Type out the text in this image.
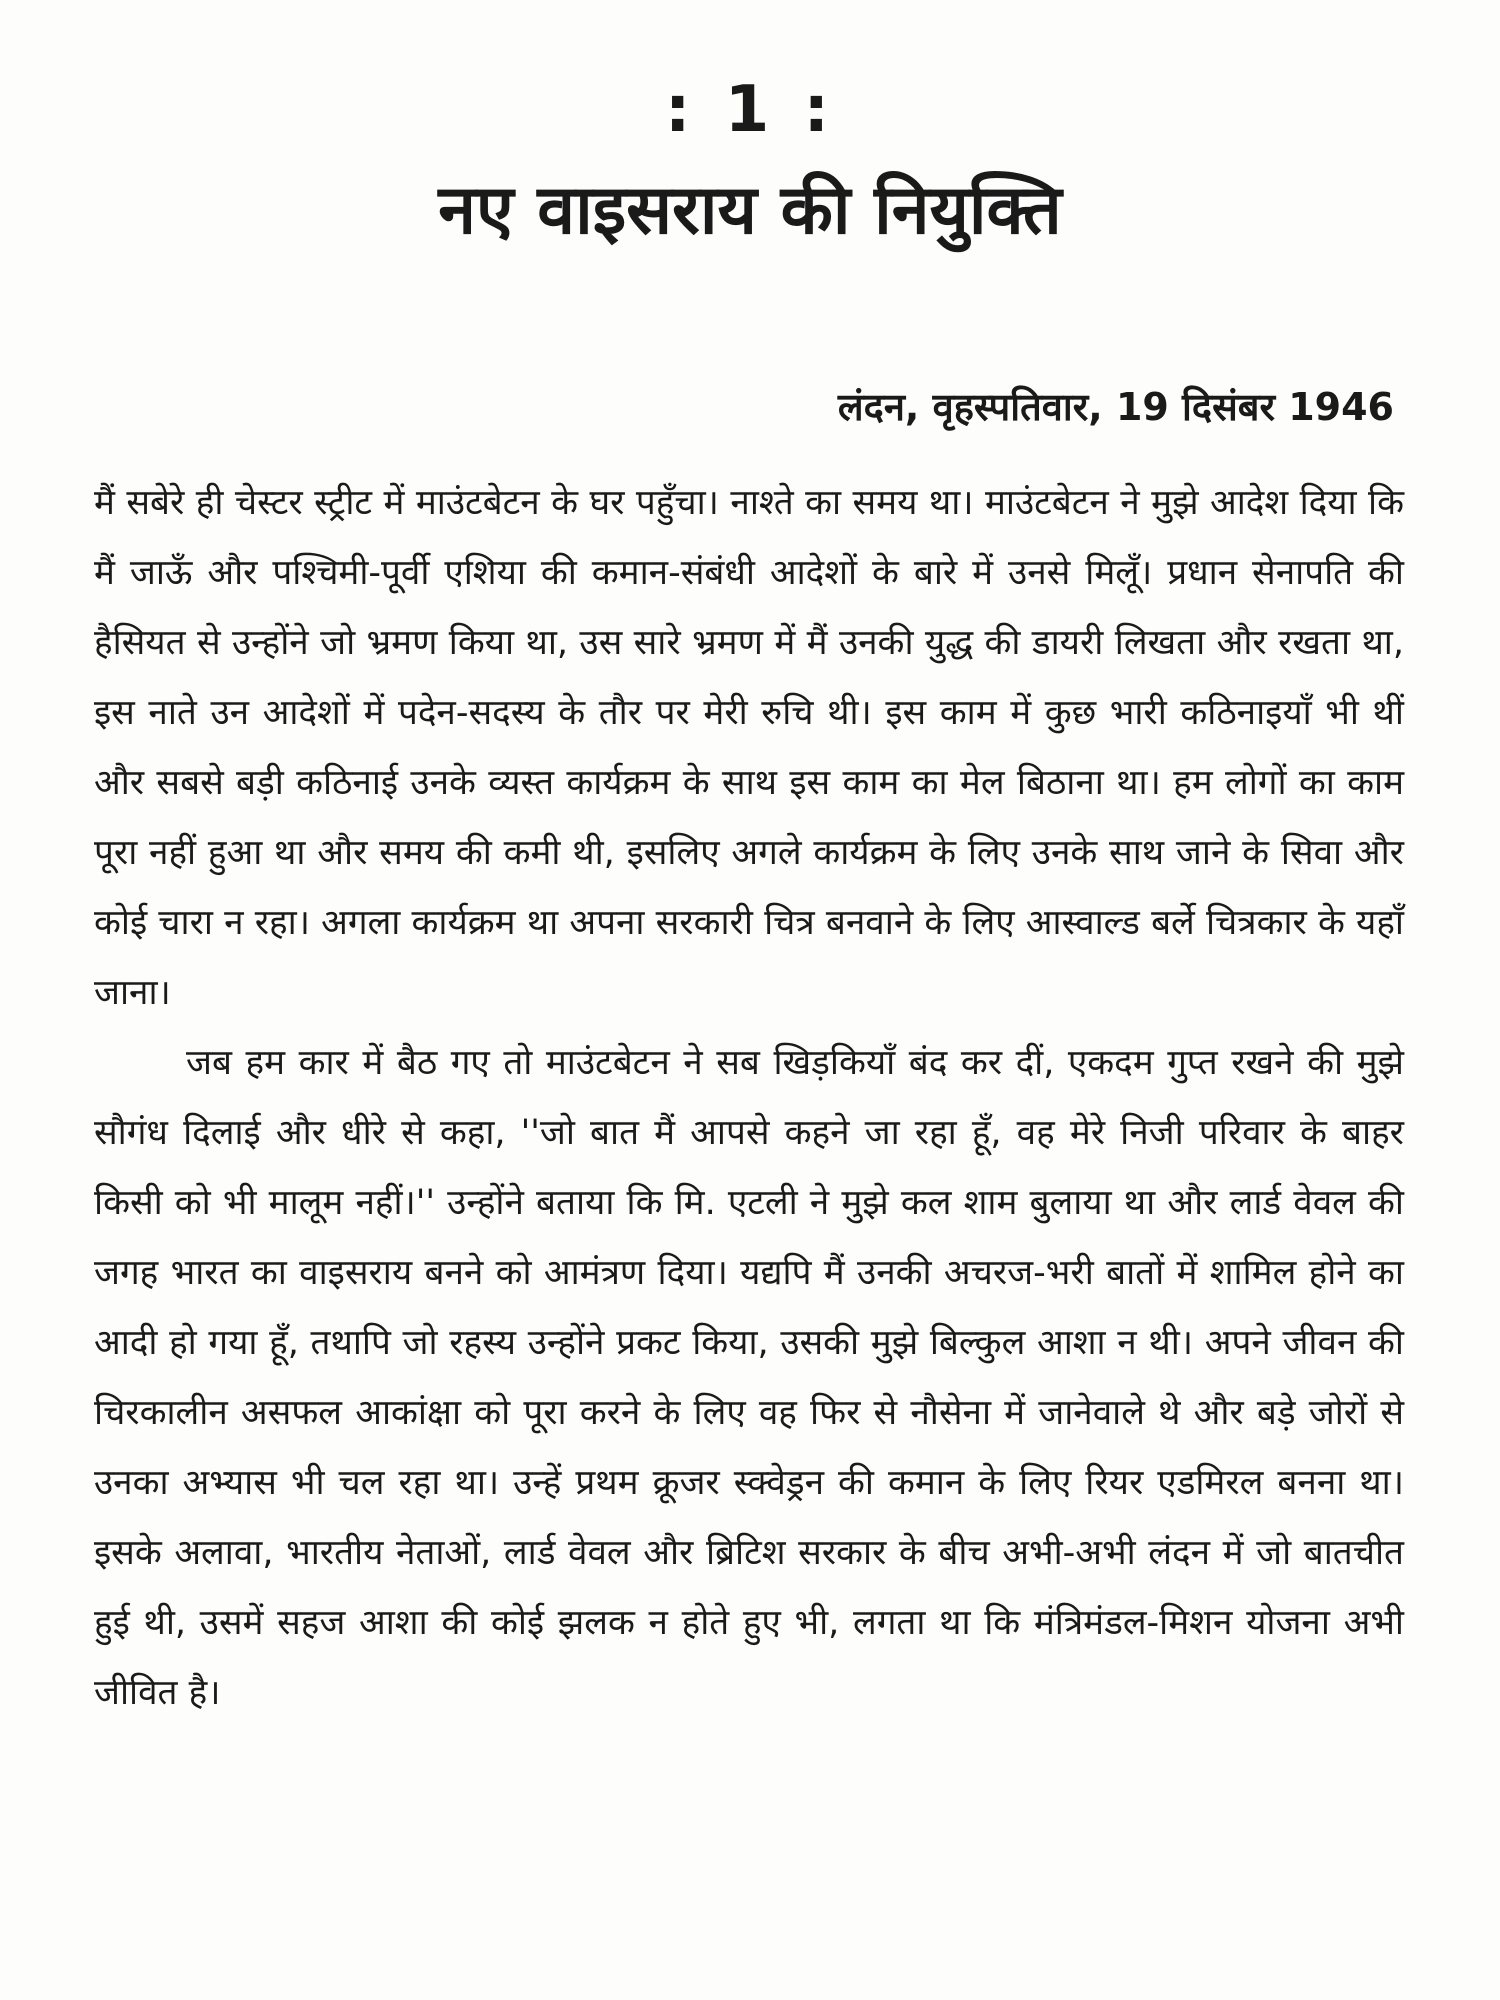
: 1 :
नए वाइसराय की नियुक्ति
लंदन, वृहस्पतिवार, 19 दिसंबर 1946

मैं सबेरे ही चेस्टर स्ट्रीट में माउंटबेटन के घर पहुँचा। नाश्ते का समय था। माउंटबेटन ने मुझे आदेश दिया कि मैं जाऊँ और पश्चिमी-पूर्वी एशिया की कमान-संबंधी आदेशों के बारे में उनसे मिलूँ। प्रधान सेनापति की हैसियत से उन्होंने जो भ्रमण किया था, उस सारे भ्रमण में मैं उनकी युद्ध की डायरी लिखता और रखता था, इस नाते उन आदेशों में पदेन-सदस्य के तौर पर मेरी रुचि थी। इस काम में कुछ भारी कठिनाइयाँ भी थीं और सबसे बड़ी कठिनाई उनके व्यस्त कार्यक्रम के साथ इस काम का मेल बिठाना था। हम लोगों का काम पूरा नहीं हुआ था और समय की कमी थी, इसलिए अगले कार्यक्रम के लिए उनके साथ जाने के सिवा और कोई चारा न रहा। अगला कार्यक्रम था अपना सरकारी चित्र बनवाने के लिए आस्वाल्ड बर्ले चित्रकार के यहाँ जाना।

जब हम कार में बैठ गए तो माउंटबेटन ने सब खिड़कियाँ बंद कर दीं, एकदम गुप्त रखने की मुझे सौगंध दिलाई और धीरे से कहा, ''जो बात मैं आपसे कहने जा रहा हूँ, वह मेरे निजी परिवार के बाहर किसी को भी मालूम नहीं।'' उन्होंने बताया कि मि. एटली ने मुझे कल शाम बुलाया था और लार्ड वेवल की जगह भारत का वाइसराय बनने को आमंत्रण दिया। यद्यपि मैं उनकी अचरज-भरी बातों में शामिल होने का आदी हो गया हूँ, तथापि जो रहस्य उन्होंने प्रकट किया, उसकी मुझे बिल्कुल आशा न थी। अपने जीवन की चिरकालीन असफल आकांक्षा को पूरा करने के लिए वह फिर से नौसेना में जानेवाले थे और बड़े जोरों से उनका अभ्यास भी चल रहा था। उन्हें प्रथम क्रूजर स्क्वेड्रन की कमान के लिए रियर एडमिरल बनना था। इसके अलावा, भारतीय नेताओं, लार्ड वेवल और ब्रिटिश सरकार के बीच अभी-अभी लंदन में जो बातचीत हुई थी, उसमें सहज आशा की कोई झलक न होते हुए भी, लगता था कि मंत्रिमंडल-मिशन योजना अभी जीवित है।
